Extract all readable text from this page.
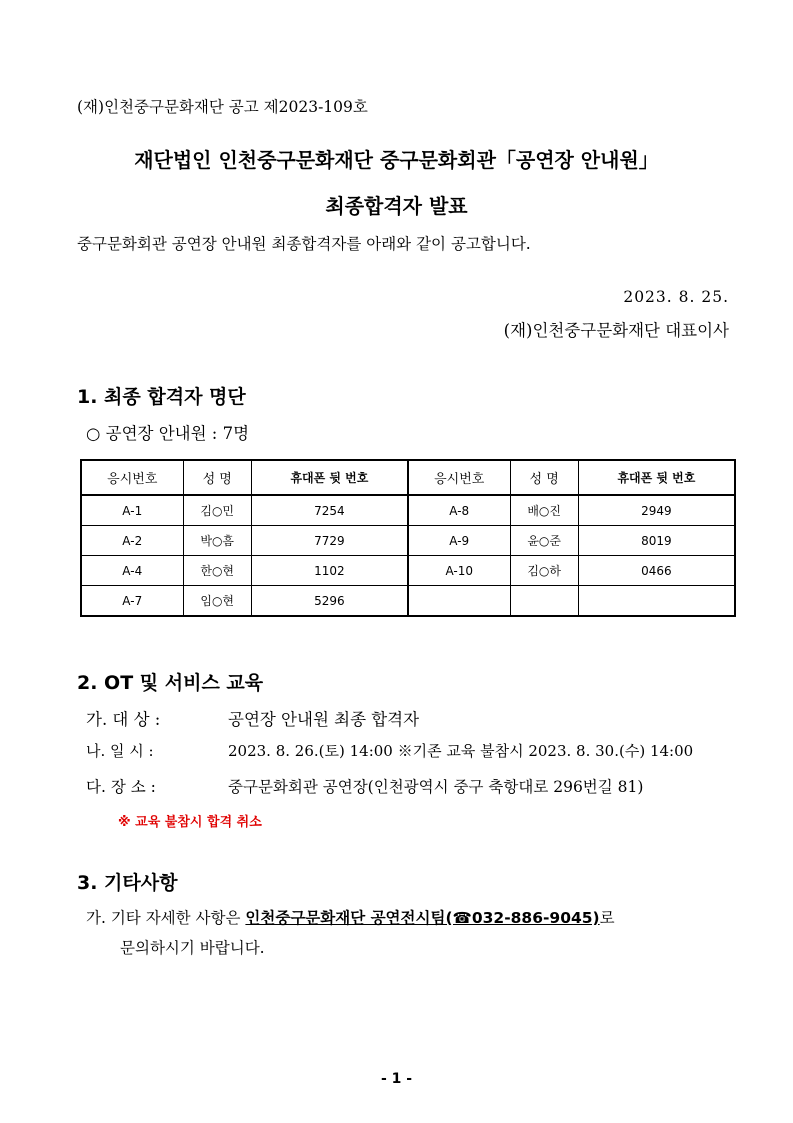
(재)인천중구문화재단 공고 제2023-109호
재단법인 인천중구문화재단 중구문화회관「공연장 안내원」
최종합격자 발표
중구문화회관 공연장 안내원 최종합격자를 아래와 같이 공고합니다.
2023. 8. 25.
(재)인천중구문화재단 대표이사
1. 최종 합격자 명단
○ 공연장 안내원 : 7명
응시번호	성 명	휴대폰 뒷 번호	응시번호	성 명	휴대폰 뒷 번호
A-1	김○민	7254	A-8	배○진	2949
A-2	박○흠	7729	A-9	윤○준	8019
A-4	한○현	1102	A-10	김○하	0466
A-7	임○현	5296			
2. OT 및 서비스 교육
가. 대 상 :	공연장 안내원 최종 합격자
나. 일 시 :	2023. 8. 26.(토) 14:00 ※기존 교육 불참시 2023. 8. 30.(수) 14:00
다. 장 소 :	중구문화회관 공연장(인천광역시 중구 축항대로 296번길 81)
※ 교육 불참시 합격 취소
3. 기타사항
가. 기타 자세한 사항은 인천중구문화재단 공연전시팀(☎032-886-9045)로
문의하시기 바랍니다.
- 1 -
